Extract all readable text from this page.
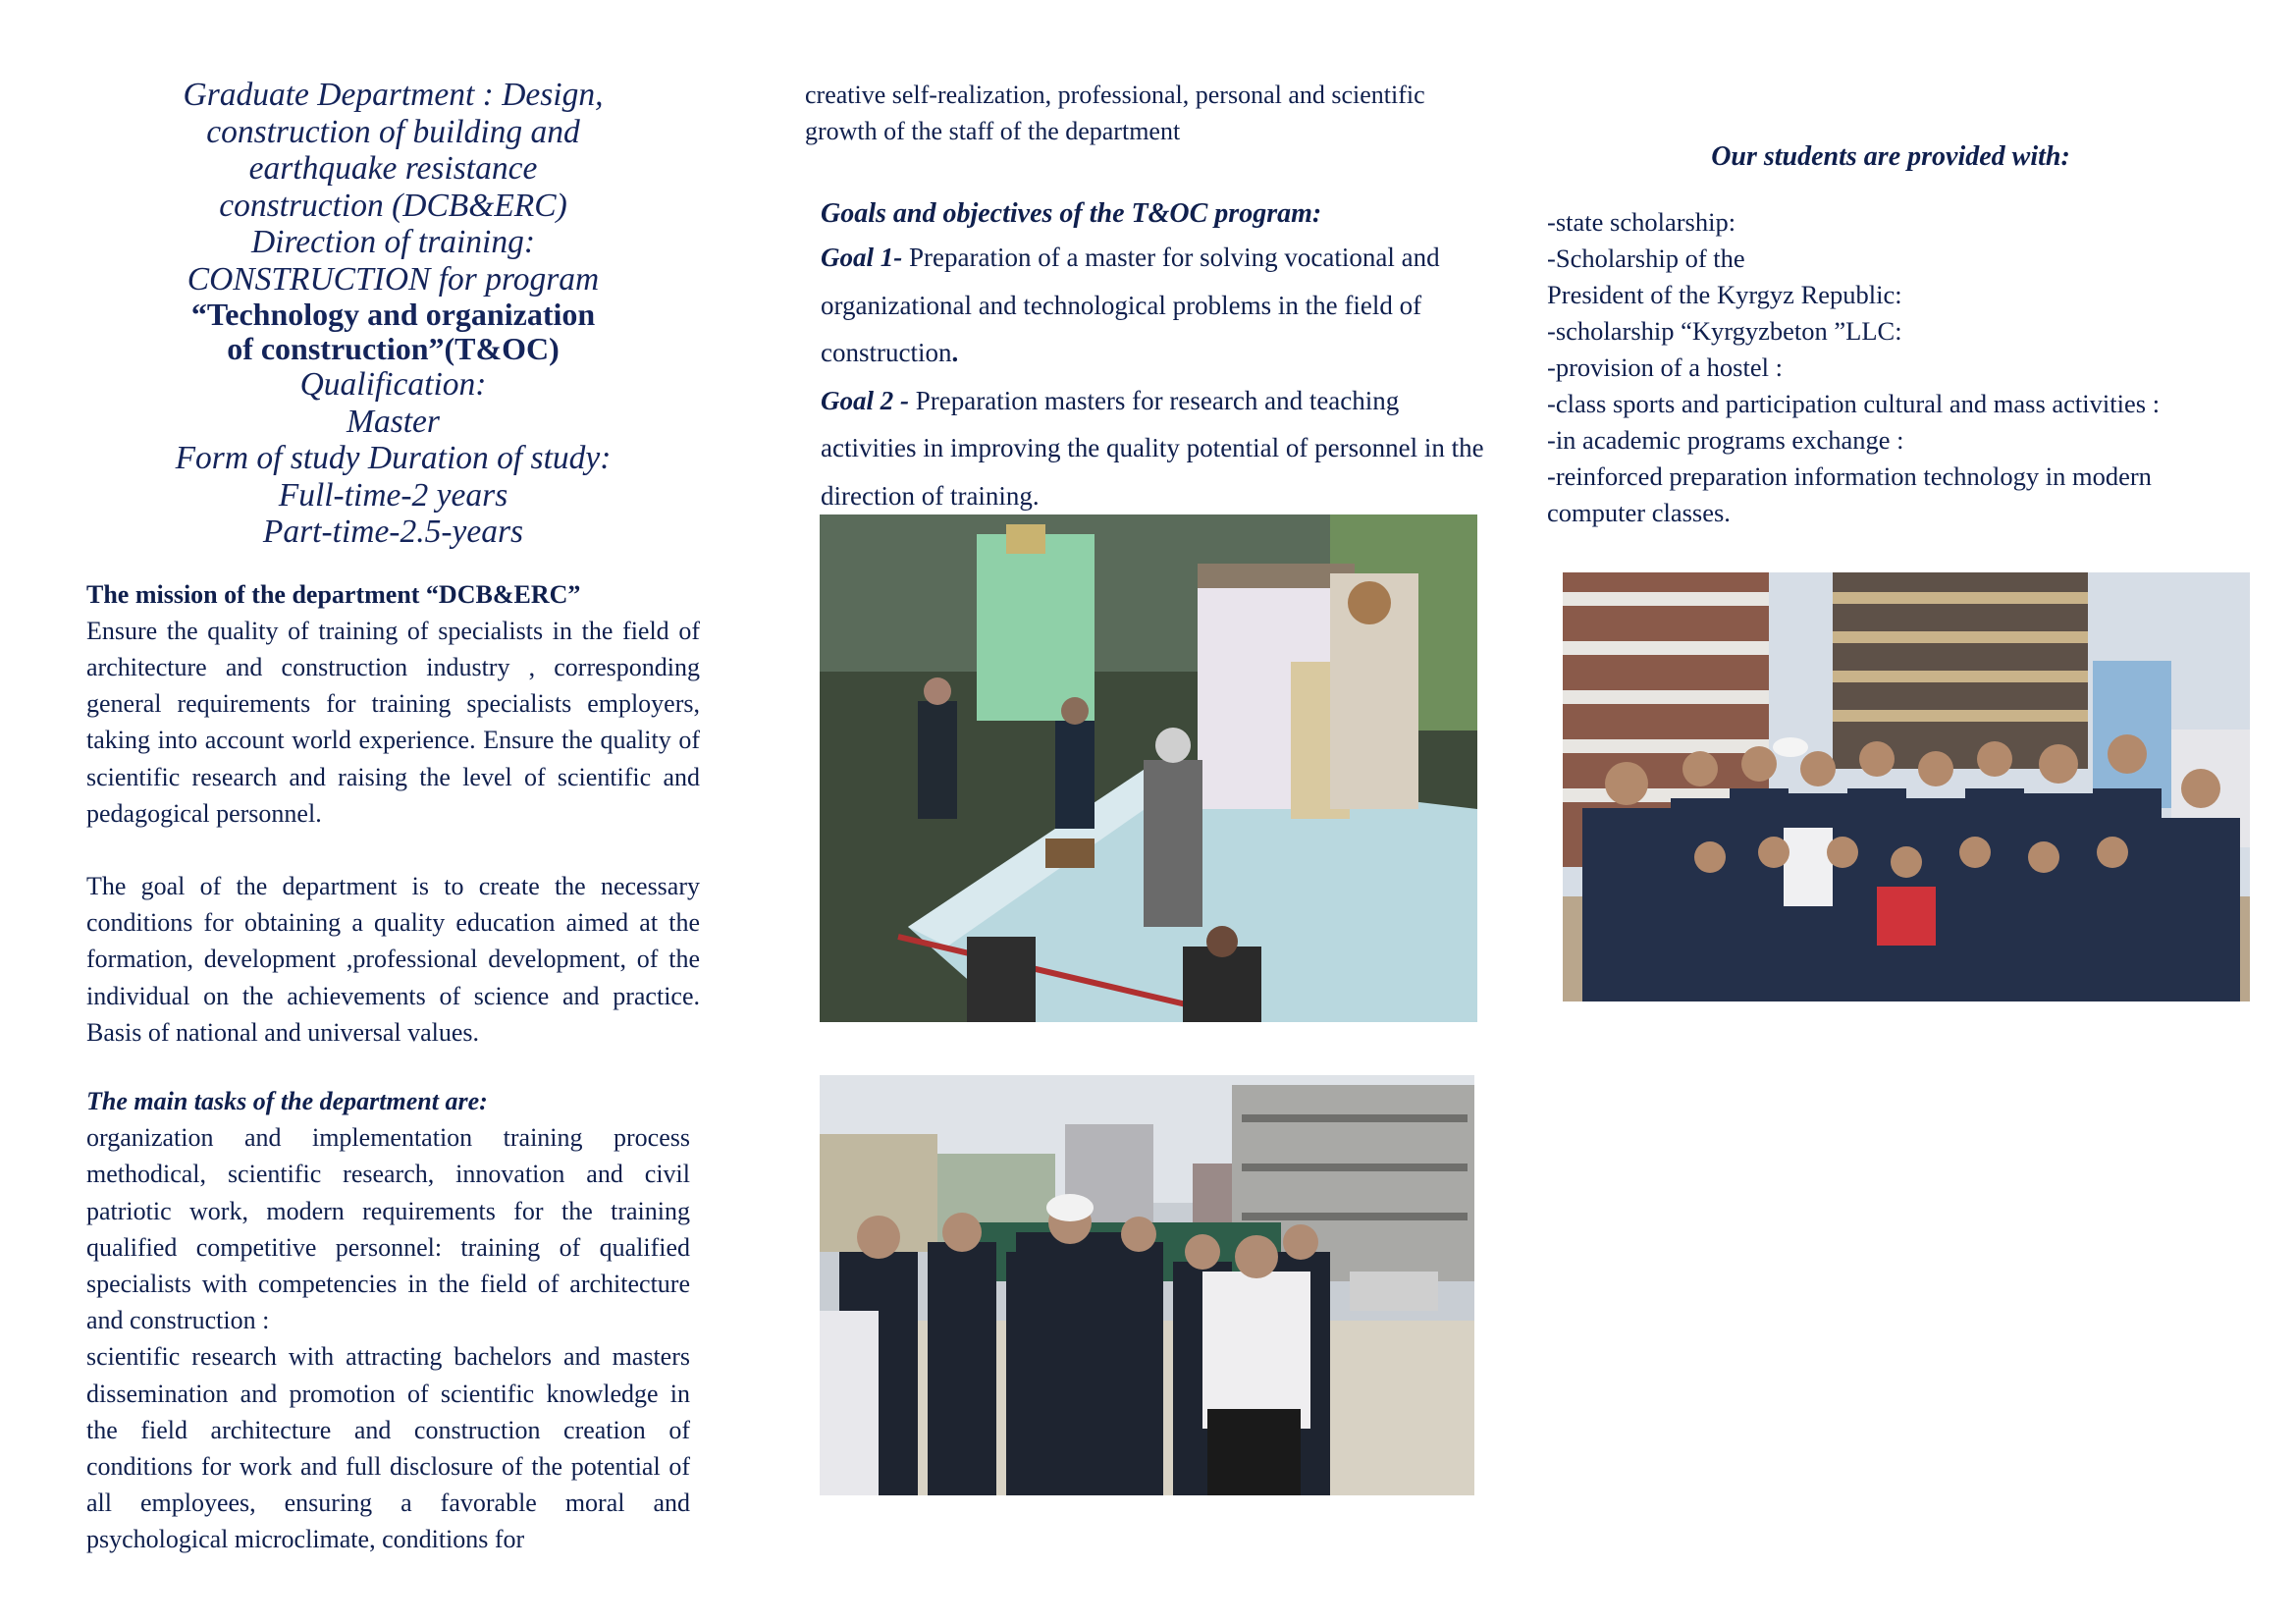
Graduate Department : Design,
construction of building and
earthquake resistance
construction (DCB&ERC)
Direction of training:
CONSTRUCTION for program
“Technology and organization
of construction”(T&OC)
Qualification:
Master
Form of study Duration of study:
Full-time-2 years
Part-time-2.5-years

The mission of the department “DCB&ERC”

Ensure the quality of training of specialists in the field of architecture and construction industry , corresponding general requirements for training specialists employers, taking into account world experience. Ensure the quality of scientific research and raising the level of scientific and pedagogical personnel.

The goal of the department is to create the necessary conditions for obtaining a quality education aimed at the formation, development ,professional development, of the individual on the achievements of science and practice. Basis of national and universal values.

The main tasks of the department are:

organization and implementation training process methodical, scientific research, innovation and civil patriotic work, modern requirements for the training qualified competitive personnel: training of qualified specialists with competencies in the field of architecture and construction :

scientific research with attracting bachelors and masters dissemination and promotion of scientific knowledge in the field architecture and construction creation of conditions for work and full disclosure of the potential of all employees, ensuring a favorable moral and psychological microclimate, conditions for

creative self-realization, professional, personal and scientific growth of the staff of the department

Goals and objectives of the T&OC program:

Goal 1- Preparation of a master for solving vocational and organizational and technological problems in the field of construction.

Goal 2 - Preparation masters for research and teaching activities in improving the quality potential of personnel in the direction of training.

Our students are provided with:
-state scholarship:
-Scholarship of the
President of the Kyrgyz Republic:
-scholarship “Kyrgyzbeton ”LLC:
-provision of a hostel :
-class sports and participation cultural and mass activities :
-in academic programs exchange :
-reinforced preparation information technology in modern
computer classes.
